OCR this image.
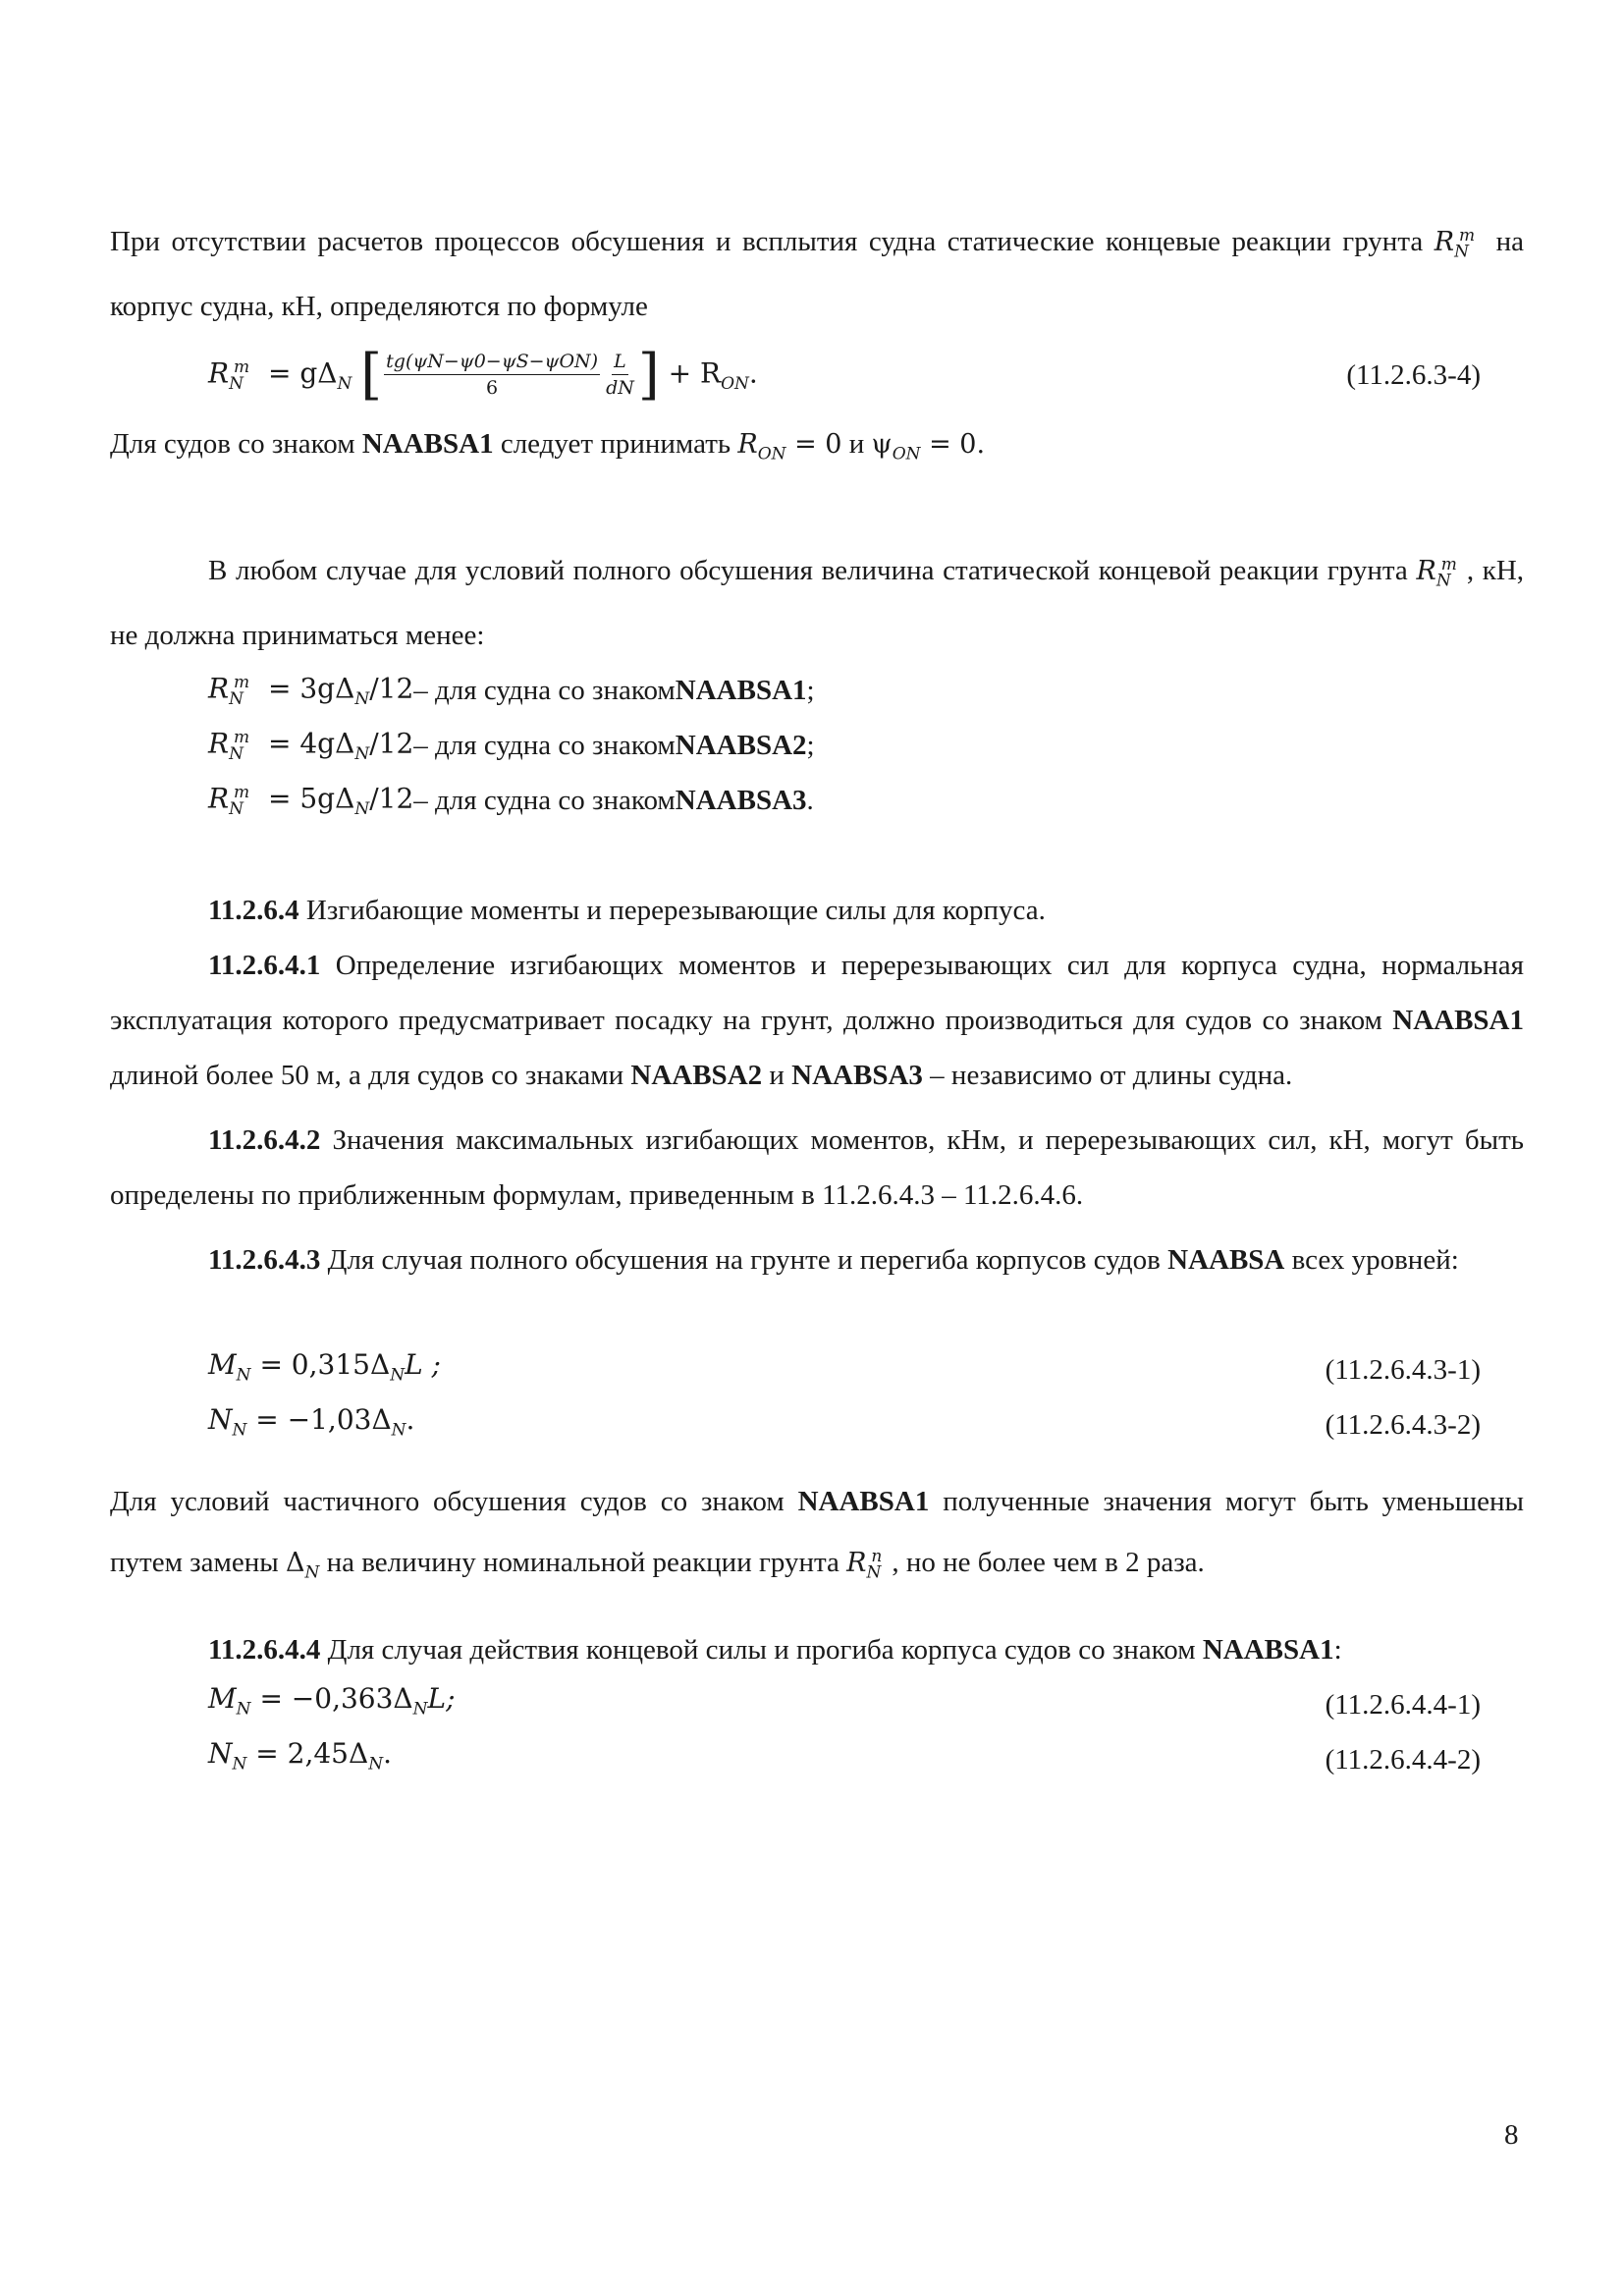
При отсутствии расчетов процессов обсушения и всплытия судна статические концевые реакции грунта $R_N^m$ на корпус судна, кН, определяются по формуле

$R_N^m = g\Delta_N$ [ $\frac{\text{tg(ψN−ψ0−ψS−ψON)}}{6} \frac{L}{dN}$ ] + $R_{ON}$.	(11.2.6.3-4)

Для судов со знаком NAABSA1 следует принимать $R_{ON} = 0$ и $\psi_{ON} = 0$.

В любом случае для условий полного обсушения величина статической концевой реакции грунта $R_N^m$ , кН, не должна приниматься менее:

$R_N^m = 3g\Delta_N/12$ – для судна со знаком NAABSA1 ;
$R_N^m = 4g\Delta_N/12$ – для судна со знаком NAABSA2 ;
$R_N^m = 5g\Delta_N/12$ – для судна со знаком NAABSA3 .

11.2.6.4 Изгибающие моменты и перерезывающие силы для корпуса.

11.2.6.4.1 Определение изгибающих моментов и перерезывающих сил для корпуса судна, нормальная эксплуатация которого предусматривает посадку на грунт, должно производиться для судов со знаком NAABSA1 длиной более 50 м, а для судов со знаками NAABSA2 и NAABSA3 – независимо от длины судна.

11.2.6.4.2 Значения максимальных изгибающих моментов, кНм, и перерезывающих сил, кН, могут быть определены по приближенным формулам, приведенным в 11.2.6.4.3 – 11.2.6.4.6.

11.2.6.4.3 Для случая полного обсушения на грунте и перегиба корпусов судов NAABSA всех уровней:

$M_N = 0,315\Delta_NL$ ;	(11.2.6.4.3-1)
$N_N = -1,03\Delta_N$.	(11.2.6.4.3-2)

Для условий частичного обсушения судов со знаком NAABSA1 полученные значения могут быть уменьшены путем замены $\Delta_N$ на величину номинальной реакции грунта $R_N^n$ , но не более чем в 2 раза.

11.2.6.4.4 Для случая действия концевой силы и прогиба корпуса судов со знаком NAABSA1:

$M_N = -0,363\Delta_NL$;	(11.2.6.4.4-1)
$N_N = 2,45\Delta_N$.	(11.2.6.4.4-2)
8
